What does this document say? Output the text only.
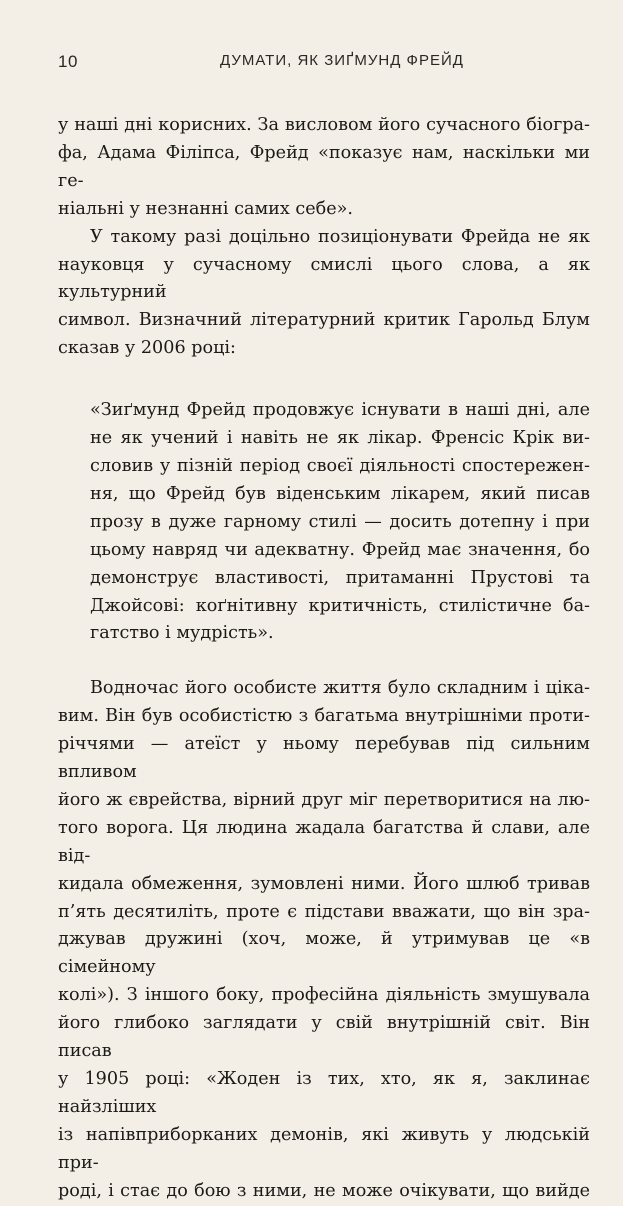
10	ДУМАТИ, ЯК ЗИҐМУНД ФРЕЙД
у наші дні корисних. За висловом його сучасного біогра-
фа, Адама Філіпса, Фрейд «показує нам, наскільки ми ге-
ніальні у незнанні самих себе».
У такому разі доцільно позиціонувати Фрейда не як
науковця у сучасному смислі цього слова, а як культурний
символ. Визначний літературний критик Гарольд Блум
сказав у 2006 році:
«Зиґмунд Фрейд продовжує існувати в наші дні, але
не як учений і навіть не як лікар. Френсіс Крік ви-
словив у пізній період своєї діяльності спостережен-
ня, що Фрейд був віденським лікарем, який писав
прозу в дуже гарному стилі — досить дотепну і при
цьому навряд чи адекватну. Фрейд має значення, бо
демонструє властивості, притаманні Прустові та
Джойсові: коґнітивну критичність, стилістичне ба-
гатство і мудрість».
Водночас його особисте життя було складним і ціка-
вим. Він був особистістю з багатьма внутрішніми проти-
річчями — атеїст у ньому перебував під сильним впливом
його ж єврейства, вірний друг міг перетворитися на лю-
того ворога. Ця людина жадала багатства й слави, але від-
кидала обмеження, зумовлені ними. Його шлюб тривав
п’ять десятиліть, проте є підстави вважати, що він зра-
джував дружині (хоч, може, й утримував це «в сімейному
колі»). З іншого боку, професійна діяльність змушувала
його глибоко заглядати у свій внутрішній світ. Він писав
у 1905 році: «Жоден із тих, хто, як я, заклинає найзліших
із напівприборканих демонів, які живуть у людській при-
роді, і стає до бою з ними, не може очікувати, що вийде
